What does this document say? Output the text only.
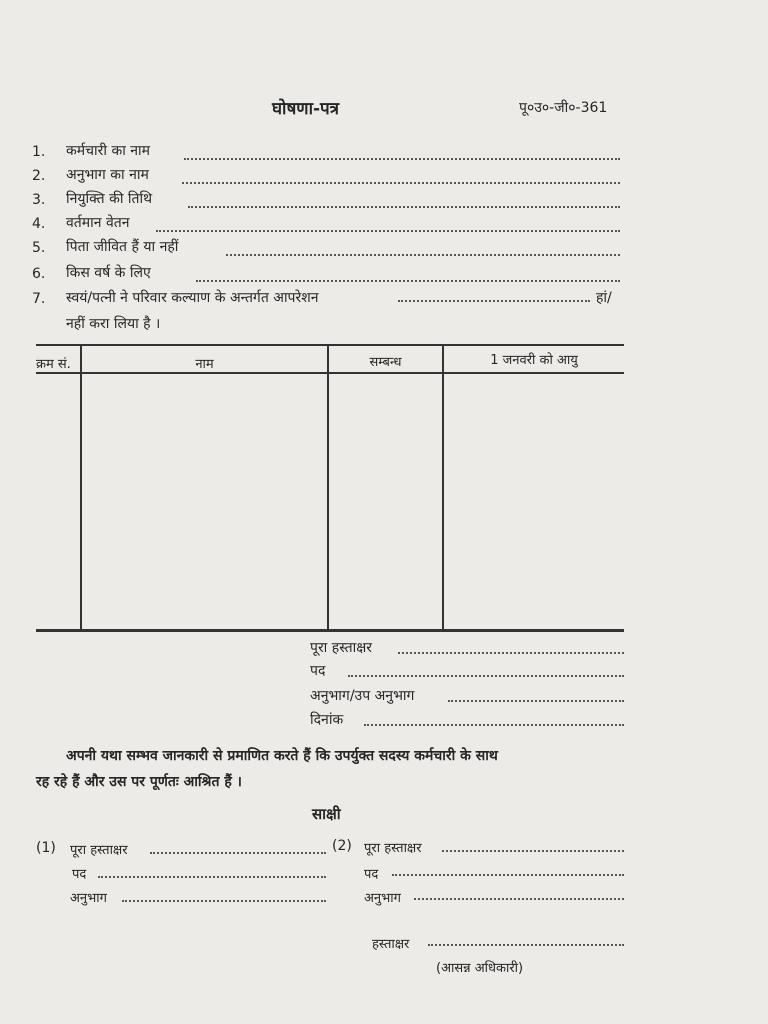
घोषणा-पत्र	पू०उ०-जी०-361
1. कर्मचारी का नाम
2. अनुभाग का नाम
3. नियुक्ति की तिथि
4. वर्तमान वेतन
5. पिता जीवित हैं या नहीं
6. किस वर्ष के लिए
7. स्वयं/पत्नी ने परिवार कल्याण के अन्तर्गत आपरेशन	हां/
नहीं करा लिया है ।
क्रम सं.	नाम	सम्बन्ध	1 जनवरी को आयु
पूरा हस्ताक्षर
पद
अनुभाग/उप अनुभाग
दिनांक
अपनी यथा सम्भव जानकारी से प्रमाणित करते हैं कि उपर्युक्त सदस्य कर्मचारी के साथ
रह रहे हैं और उस पर पूर्णतः आश्रित हैं ।
साक्षी
(1) पूरा हस्ताक्षर
पद
अनुभाग
(2) पूरा हस्ताक्षर
पद
अनुभाग
हस्ताक्षर
(आसन्न अधिकारी)
